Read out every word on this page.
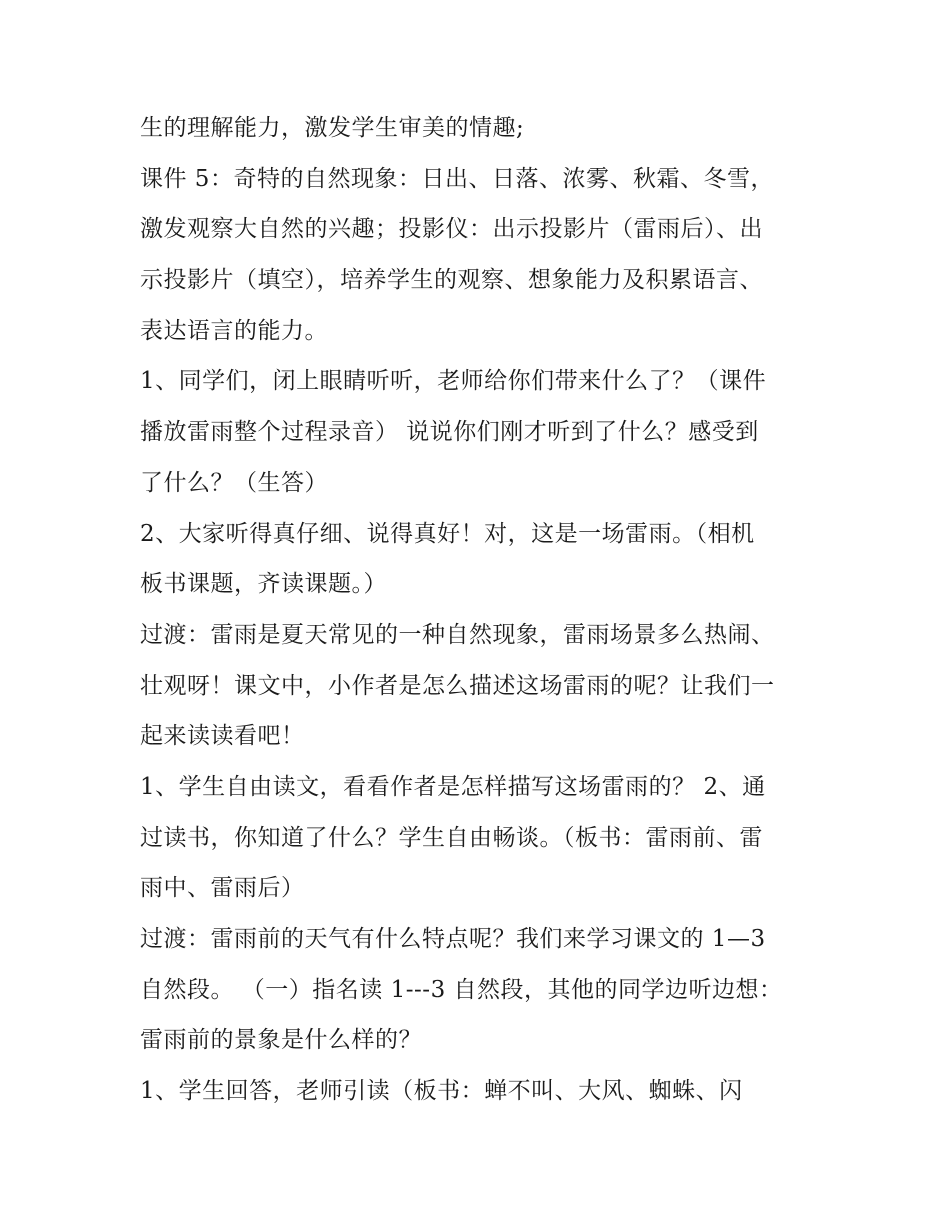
生的理解能力，激发学生审美的情趣;
课件 5：奇特的自然现象：日出、日落、浓雾、秋霜、冬雪，
激发观察大自然的兴趣；投影仪：出示投影片（雷雨后）、出
示投影片（填空），培养学生的观察、想象能力及积累语言、
表达语言的能力。
1、同学们，闭上眼睛听听，老师给你们带来什么了？（课件
播放雷雨整个过程录音） 说说你们刚才听到了什么？感受到
了什么？（生答）
2、大家听得真仔细、说得真好！对，这是一场雷雨。（相机
板书课题，齐读课题。）
过渡：雷雨是夏天常见的一种自然现象，雷雨场景多么热闹、
壮观呀！课文中，小作者是怎么描述这场雷雨的呢？让我们一
起来读读看吧！
1、学生自由读文，看看作者是怎样描写这场雷雨的？ 2、通
过读书，你知道了什么？学生自由畅谈。（板书：雷雨前、雷
雨中、雷雨后）
过渡：雷雨前的天气有什么特点呢？我们来学习课文的 1—3
自然段。 （一）指名读 1---3 自然段，其他的同学边听边想：
雷雨前的景象是什么样的？
1、学生回答，老师引读（板书：蝉不叫、大风、蜘蛛、闪
